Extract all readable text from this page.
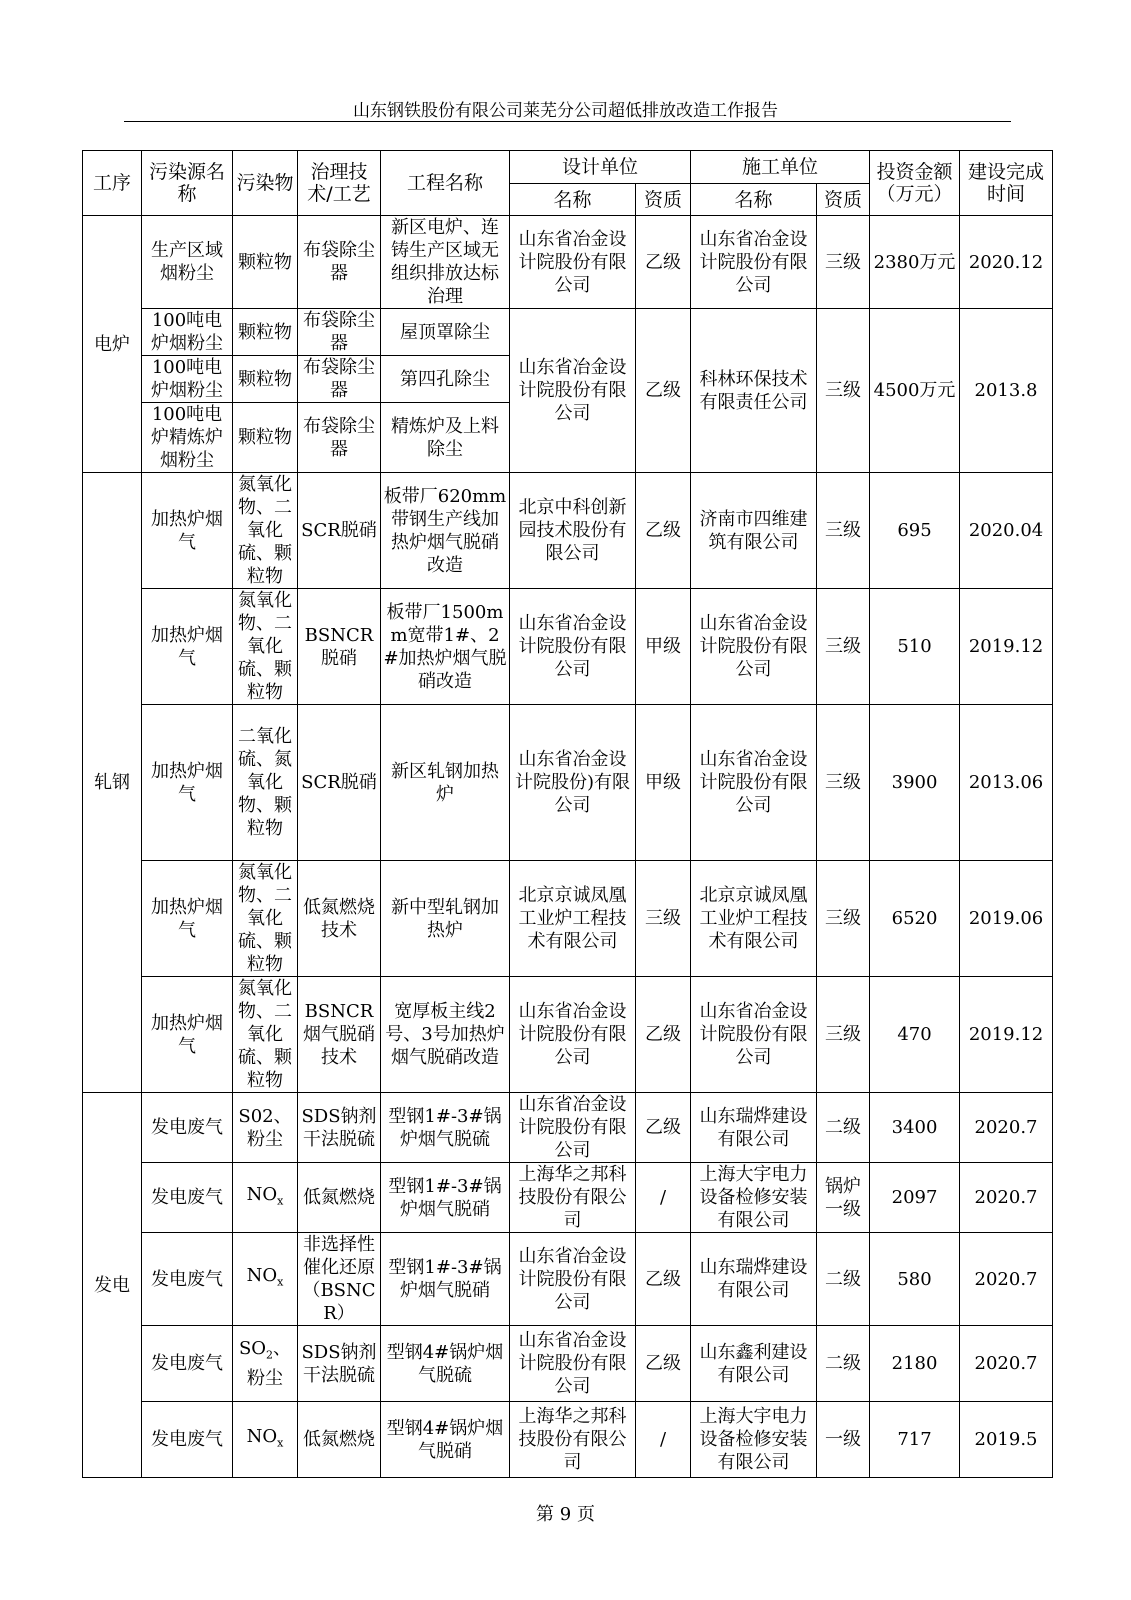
山东钢铁股份有限公司莱芜分公司超低排放改造工作报告
工序	污染源名称	污染物	治理技术/工艺	工程名称	设计单位		施工单位		投资金额（万元）	建设完成时间
					名称	资质	名称	资质		
电炉	生产区域烟粉尘	颗粒物	布袋除尘器	新区电炉、连铸生产区域无组织排放达标治理	山东省冶金设计院股份有限公司	乙级	山东省冶金设计院股份有限公司	三级	2380万元	2020.12
	100吨电炉烟粉尘	颗粒物	布袋除尘器	屋顶罩除尘	山东省冶金设计院股份有限公司	乙级	科林环保技术有限责任公司	三级	4500万元	2013.8
	100吨电炉烟粉尘	颗粒物	布袋除尘器	第四孔除尘						
	100吨电炉精炼炉烟粉尘	颗粒物	布袋除尘器	精炼炉及上料除尘						
轧钢	加热炉烟气	氮氧化物、二氧化硫、颗粒物	SCR脱硝	板带厂620mm带钢生产线加热炉烟气脱硝改造	北京中科创新园技术股份有限公司	乙级	济南市四维建筑有限公司	三级	695	2020.04
	加热炉烟气	氮氧化物、二氧化硫、颗粒物	BSNCR脱硝	板带厂1500mm宽带1#、2#加热炉烟气脱硝改造	山东省冶金设计院股份有限公司	甲级	山东省冶金设计院股份有限公司	三级	510	2019.12
	加热炉烟气	二氧化硫、氮氧化物、颗粒物	SCR脱硝	新区轧钢加热炉	山东省冶金设计院股份)有限公司	甲级	山东省冶金设计院股份有限公司	三级	3900	2013.06
	加热炉烟气	氮氧化物、二氧化硫、颗粒物	低氮燃烧技术	新中型轧钢加热炉	北京京诚凤凰工业炉工程技术有限公司	三级	北京京诚凤凰工业炉工程技术有限公司	三级	6520	2019.06
	加热炉烟气	氮氧化物、二氧化硫、颗粒物	BSNCR烟气脱硝技术	宽厚板主线2号、3号加热炉烟气脱硝改造	山东省冶金设计院股份有限公司	乙级	山东省冶金设计院股份有限公司	三级	470	2019.12
发电	发电废气	S02、粉尘	SDS钠剂干法脱硫	型钢1#-3#锅炉烟气脱硫	山东省冶金设计院股份有限公司	乙级	山东瑞烨建设有限公司	二级	3400	2020.7
	发电废气	$NO_x$	低氮燃烧	型钢1#-3#锅炉烟气脱硝	上海华之邦科技股份有限公司	/	上海大宇电力设备检修安装有限公司	锅炉一级	2097	2020.7
	发电废气	$NO_x$	非选择性催化还原（BSNCR）	型钢1#-3#锅炉烟气脱硝	山东省冶金设计院股份有限公司	乙级	山东瑞烨建设有限公司	二级	580	2020.7
	发电废气	$SO_2$、粉尘	SDS钠剂干法脱硫	型钢4#锅炉烟气脱硫	山东省冶金设计院股份有限公司	乙级	山东鑫利建设有限公司	二级	2180	2020.7
	发电废气	$NO_x$	低氮燃烧	型钢4#锅炉烟气脱硝	上海华之邦科技股份有限公司	/	上海大宇电力设备检修安装有限公司	一级	717	2019.5
第 9 页
